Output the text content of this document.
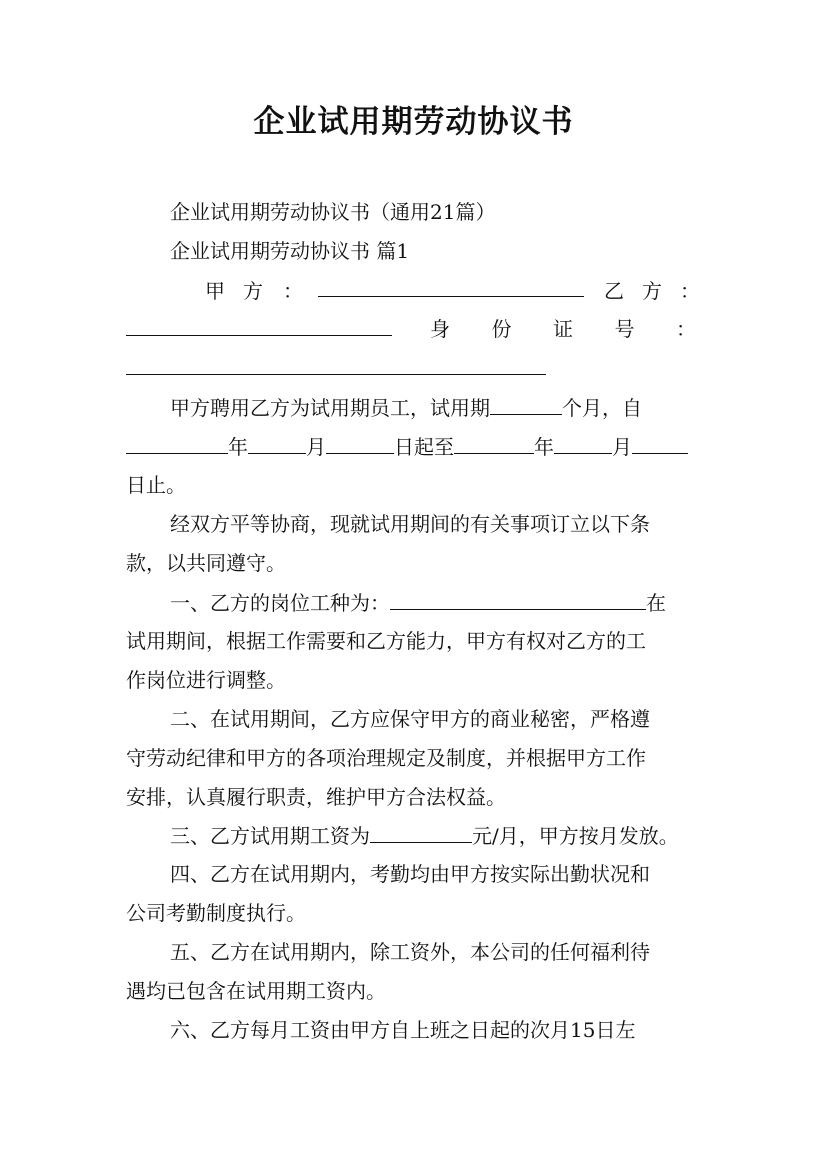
企业试用期劳动协议书
企业试用期劳动协议书（通用21篇）
企业试用期劳动协议书 篇1
甲 方 ：	乙 方 ：
身 份 证 号 ：
甲方聘用乙方为试用期员工，试用期	个月，自
年	月	日起至	年	月
日止。
经双方平等协商，现就试用期间的有关事项订立以下条
款，以共同遵守。
一、乙方的岗位工种为：	在
试用期间，根据工作需要和乙方能力，甲方有权对乙方的工
作岗位进行调整。
二、在试用期间，乙方应保守甲方的商业秘密，严格遵
守劳动纪律和甲方的各项治理规定及制度，并根据甲方工作
安排，认真履行职责，维护甲方合法权益。
三、乙方试用期工资为	元/月，甲方按月发放。
四、乙方在试用期内，考勤均由甲方按实际出勤状况和
公司考勤制度执行。
五、乙方在试用期内，除工资外，本公司的任何福利待
遇均已包含在试用期工资内。
六、乙方每月工资由甲方自上班之日起的次月15日左
